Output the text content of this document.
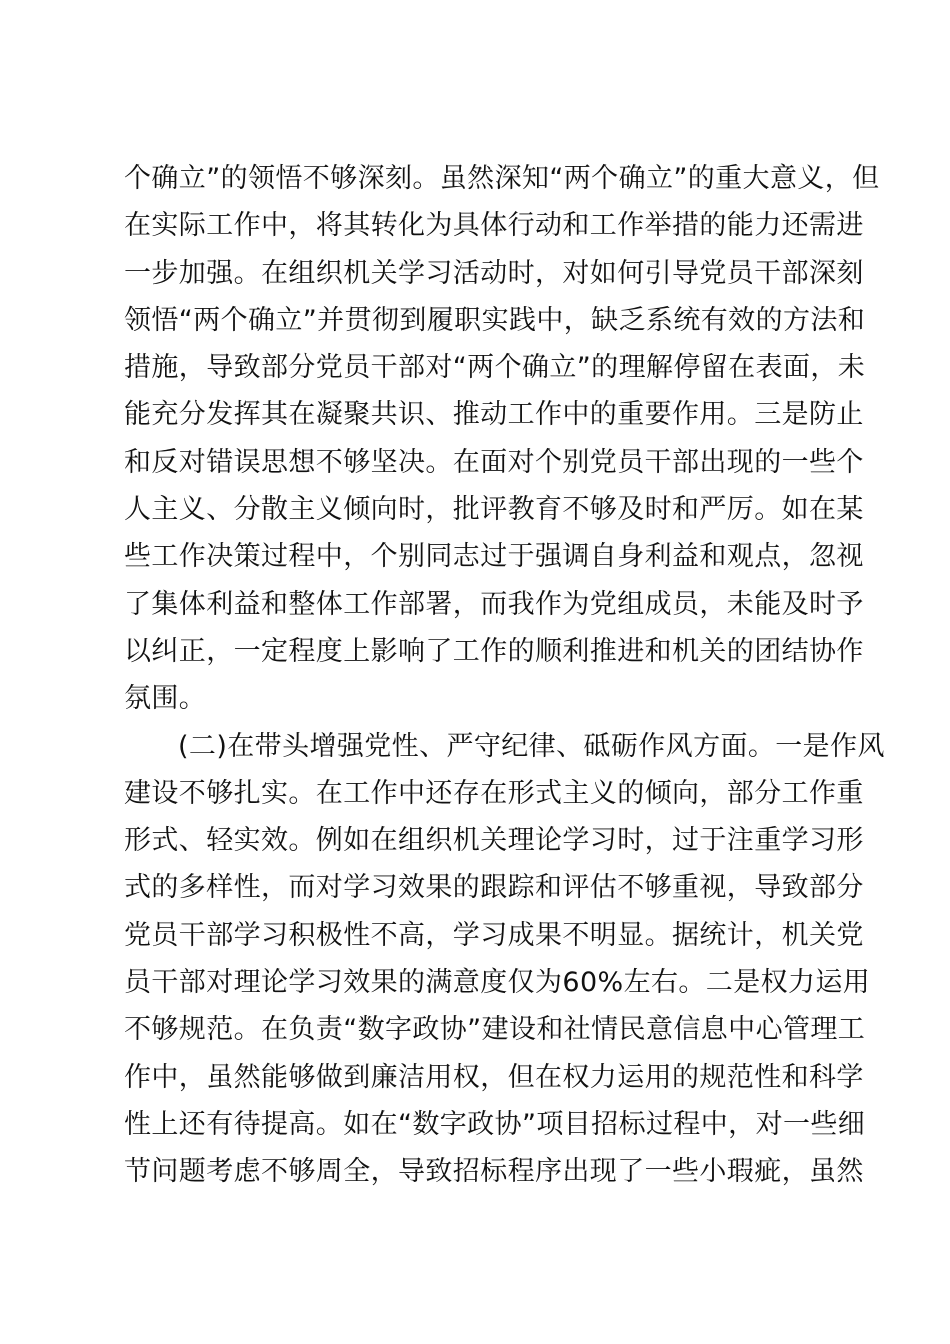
个确立”的领悟不够深刻。虽然深知“两个确立”的重大意义，但
在实际工作中，将其转化为具体行动和工作举措的能力还需进
一步加强。在组织机关学习活动时，对如何引导党员干部深刻
领悟“两个确立”并贯彻到履职实践中，缺乏系统有效的方法和
措施，导致部分党员干部对“两个确立”的理解停留在表面，未
能充分发挥其在凝聚共识、推动工作中的重要作用。三是防止
和反对错误思想不够坚决。在面对个别党员干部出现的一些个
人主义、分散主义倾向时，批评教育不够及时和严厉。如在某
些工作决策过程中，个别同志过于强调自身利益和观点，忽视
了集体利益和整体工作部署，而我作为党组成员，未能及时予
以纠正，一定程度上影响了工作的顺利推进和机关的团结协作
氛围。
(二)在带头增强党性、严守纪律、砥砺作风方面。一是作风
建设不够扎实。在工作中还存在形式主义的倾向，部分工作重
形式、轻实效。例如在组织机关理论学习时，过于注重学习形
式的多样性，而对学习效果的跟踪和评估不够重视，导致部分
党员干部学习积极性不高，学习成果不明显。据统计，机关党
员干部对理论学习效果的满意度仅为60%左右。二是权力运用
不够规范。在负责“数字政协”建设和社情民意信息中心管理工
作中，虽然能够做到廉洁用权，但在权力运用的规范性和科学
性上还有待提高。如在“数字政协”项目招标过程中，对一些细
节问题考虑不够周全，导致招标程序出现了一些小瑕疵，虽然
